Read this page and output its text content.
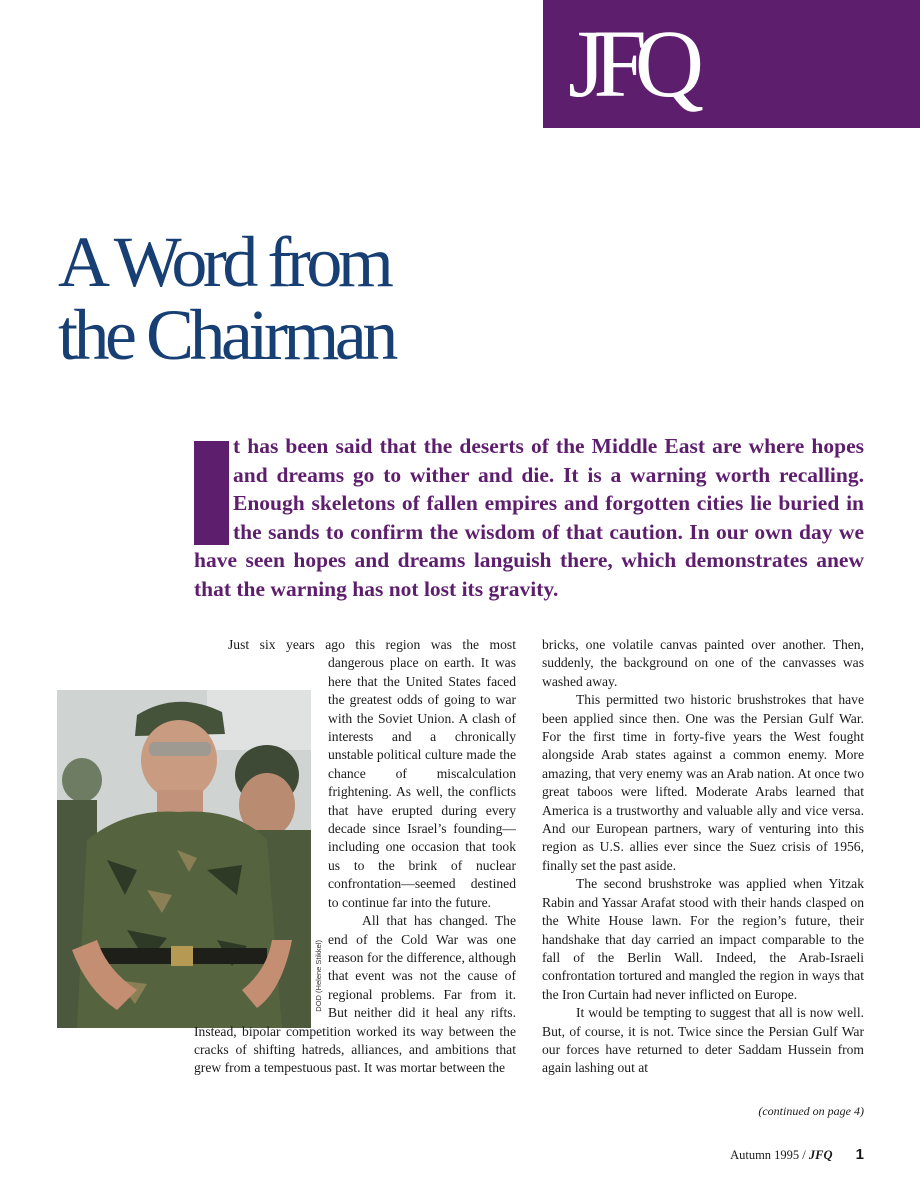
JFQ
A Word from
the Chairman

t has been said that the deserts of the Middle East are where hopes and dreams go to wither and die. It is a warning worth recalling. Enough skeletons of fallen empires and forgotten cities lie buried in the sands to confirm the wisdom of that caution. In our own day we have seen hopes and dreams languish there, which demonstrates anew that the warning has not lost its gravity.

DOD (Helene Stikkel)

Just six years ago this region was the most dangerous place on earth. It was here that the United States faced the greatest odds of going to war with the Soviet Union. A clash of interests and a chronically unstable political culture made the chance of miscalculation frightening. As well, the conflicts that have erupted during every decade since Israel’s founding—including one occasion that took us to the brink of nuclear confrontation—seemed destined to continue far into the future.

All that has changed. The end of the Cold War was one reason for the difference, although that event was not the cause of regional problems. Far from it. But neither did it heal any rifts. Instead, bipolar competition worked its way between the cracks of shifting hatreds, alliances, and ambitions that grew from a tempestuous past. It was mortar between the

bricks, one volatile canvas painted over another. Then, suddenly, the background on one of the canvasses was washed away.

This permitted two historic brushstrokes that have been applied since then. One was the Persian Gulf War. For the first time in forty-five years the West fought alongside Arab states against a common enemy. More amazing, that very enemy was an Arab nation. At once two great taboos were lifted. Moderate Arabs learned that America is a trustworthy and valuable ally and vice versa. And our European partners, wary of venturing into this region as U.S. allies ever since the Suez crisis of 1956, finally set the past aside.

The second brushstroke was applied when Yitzak Rabin and Yassar Arafat stood with their hands clasped on the White House lawn. For the region’s future, their handshake that day carried an impact comparable to the fall of the Berlin Wall. Indeed, the Arab-Israeli confrontation tortured and mangled the region in ways that the Iron Curtain had never inflicted on Europe.

It would be tempting to suggest that all is now well. But, of course, it is not. Twice since the Persian Gulf War our forces have returned to deter Saddam Hussein from again lashing out at

(continued on page 4)
Autumn 1995 / JFQ 1
